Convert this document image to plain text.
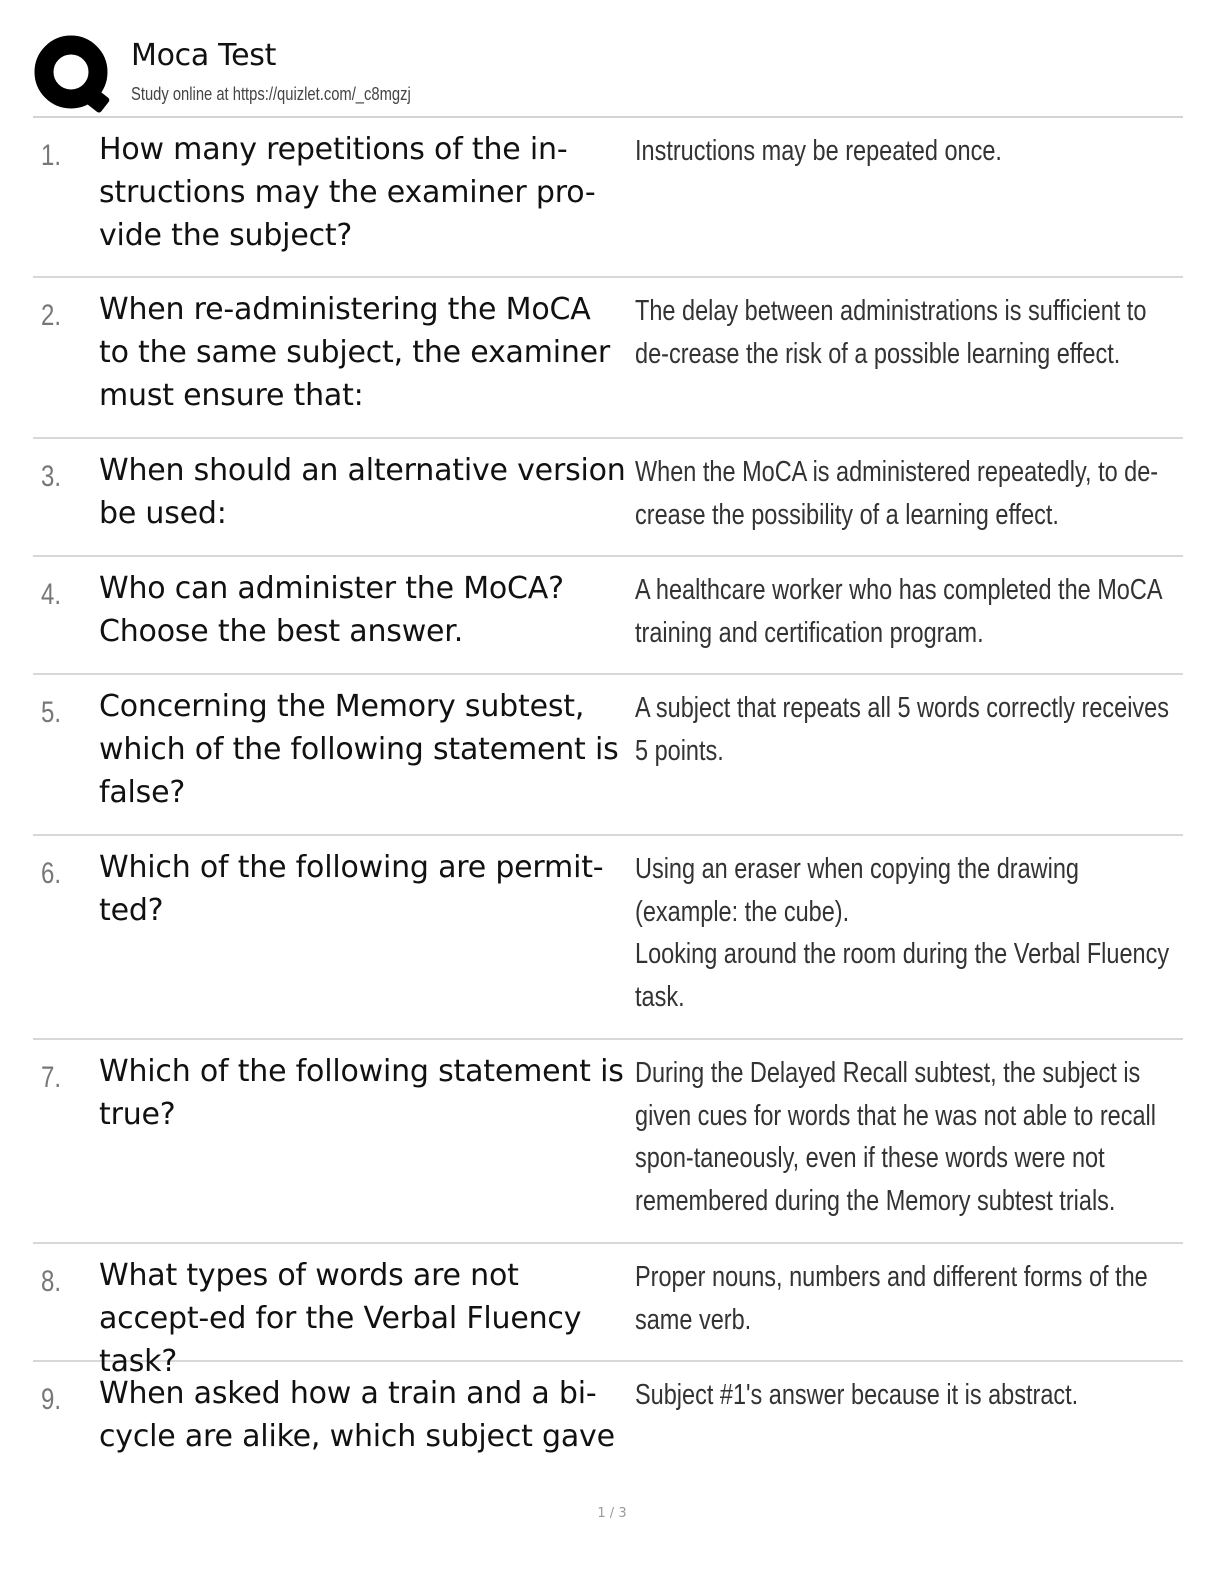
Moca Test
Study online at https://quizlet.com/_c8mgzj
1. How many repetitions of the in-structions may the examiner pro-vide the subject?
Instructions may be repeated once.
2. When re-administering the MoCA to the same subject, the examiner must ensure that:
The delay between administrations is sufficient to de-crease the risk of a possible learning effect.
3. When should an alternative version be used:
When the MoCA is administered repeatedly, to de-crease the possibility of a learning effect.
4. Who can administer the MoCA? Choose the best answer.
A healthcare worker who has completed the MoCA training and certification program.
5. Concerning the Memory subtest, which of the following statement is false?
A subject that repeats all 5 words correctly receives 5 points.
6. Which of the following are permit-ted?
Using an eraser when copying the drawing (example: the cube).
Looking around the room during the Verbal Fluency task.
7. Which of the following statement is true?
During the Delayed Recall subtest, the subject is given cues for words that he was not able to recall spon-taneously, even if these words were not remembered during the Memory subtest trials.
8. What types of words are not accept-ed for the Verbal Fluency task?
Proper nouns, numbers and different forms of the same verb.
9. When asked how a train and a bi-cycle are alike, which subject gave
Subject #1's answer because it is abstract.
1 / 3
